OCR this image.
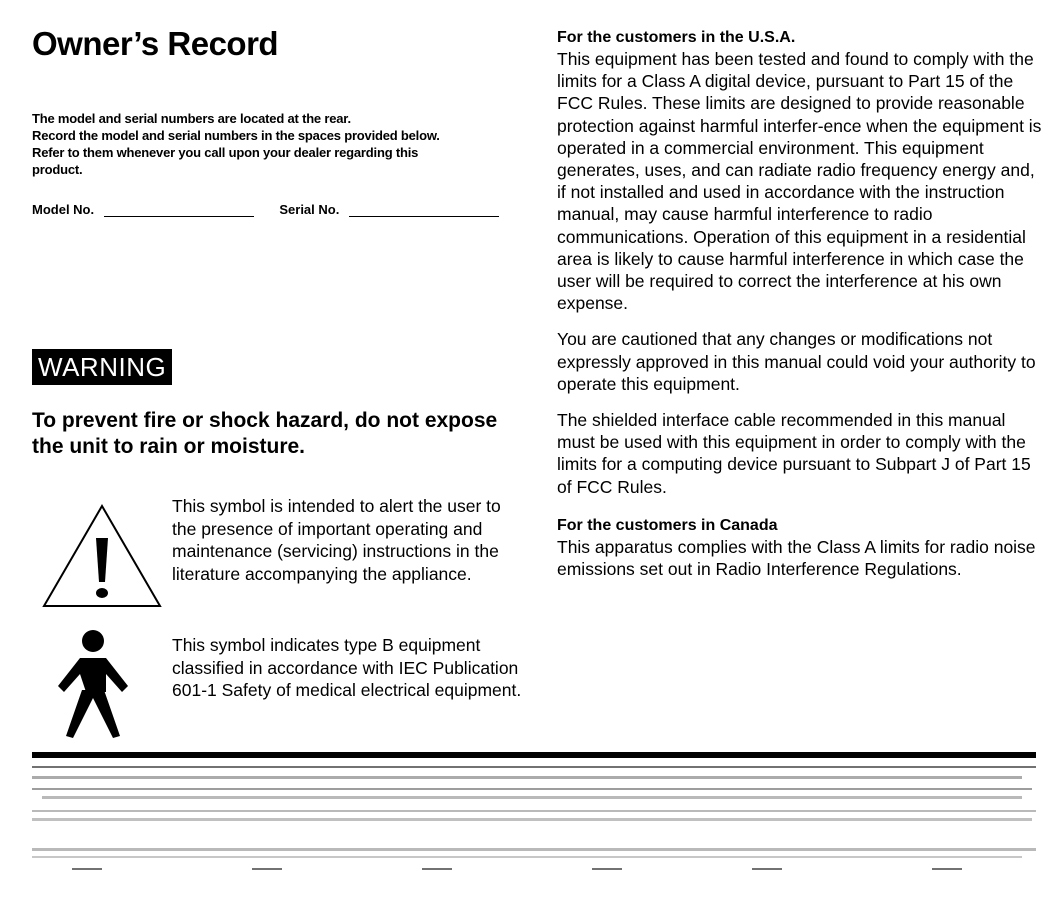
Owner’s Record
The model and serial numbers are located at the rear.
Record the model and serial numbers in the spaces provided below.
Refer to them whenever you call upon your dealer regarding this
product.
Model No.	Serial No.
WARNING
To prevent fire or shock hazard, do not expose the unit to rain or moisture.
This symbol is intended to alert the user to the presence of important operating and maintenance (servicing) instructions in the literature accompanying the appliance.
This symbol indicates type B equipment classified in accordance with IEC Publication 601-1 Safety of medical electrical equipment.
For the customers in the U.S.A.

This equipment has been tested and found to comply with the limits for a Class A digital device, pursuant to Part 15 of the FCC Rules. These limits are designed to provide reasonable protection against harmful interfer-ence when the equipment is operated in a commercial environment. This equipment generates, uses, and can radiate radio frequency energy and, if not installed and used in accordance with the instruction manual, may cause harmful interference to radio communications. Operation of this equipment in a residential area is likely to cause harmful interference in which case the user will be required to correct the interference at his own expense.

You are cautioned that any changes or modifications not expressly approved in this manual could void your authority to operate this equipment.

The shielded interface cable recommended in this manual must be used with this equipment in order to comply with the limits for a computing device pursuant to Subpart J of Part 15 of FCC Rules.

For the customers in Canada

This apparatus complies with the Class A limits for radio noise emissions set out in Radio Interference Regulations.
